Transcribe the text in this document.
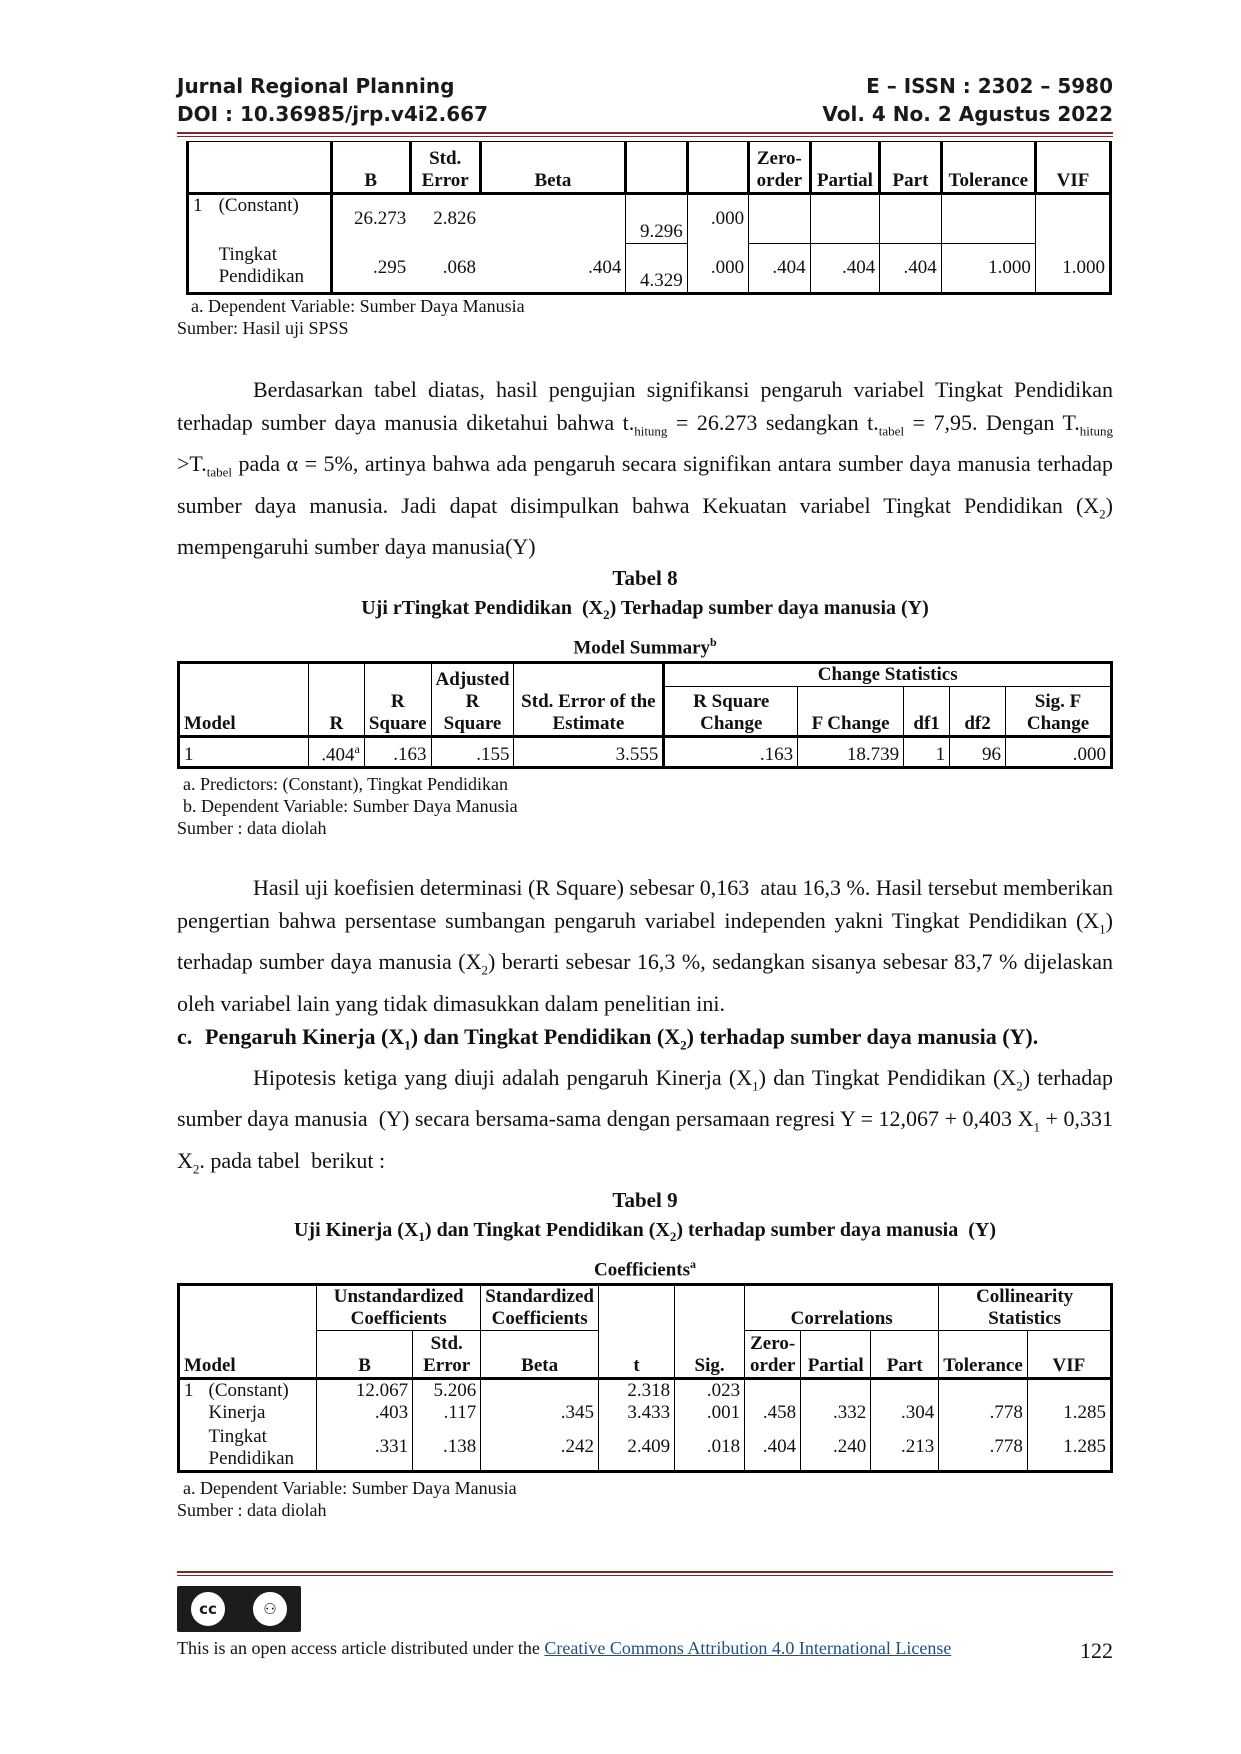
Jurnal Regional Planning	E – ISSN : 2302 – 5980
DOI : 10.36985/jrp.v4i2.667	Vol. 4 No. 2 Agustus 2022
		B	Std. Error	Beta			Zero-order	Partial	Part	Tolerance	VIF
1	(Constant)	26.273	2.826		9.296	.000					
	Tingkat Pendidikan	.295	.068	.404	4.329	.000	.404	.404	.404	1.000	1.000
a. Dependent Variable: Sumber Daya Manusia
Sumber: Hasil uji SPSS
Berdasarkan tabel diatas, hasil pengujian signifikansi pengaruh variabel Tingkat Pendidikan terhadap sumber daya manusia diketahui bahwa $t._{hitung} = 26.273$ sedangkan $t._{tabel} = 7,95$. Dengan $T._{hitung} >T._{tabel}$ pada α = 5%, artinya bahwa ada pengaruh secara signifikan antara sumber daya manusia terhadap sumber daya manusia. Jadi dapat disimpulkan bahwa Kekuatan variabel Tingkat Pendidikan $(X_2)$ mempengaruhi sumber daya manusia(Y)
Tabel 8
Uji rTingkat Pendidikan  $(X_2)$ Terhadap sumber daya manusia (Y)
Model Summary$^b$
Model	R	R Square	Adjusted R Square	Std. Error of the Estimate	Change Statistics				
					R Square Change	F Change	df1	df2	Sig. F Change
1	.404$^a$	.163	.155	3.555	.163	18.739	1	96	.000
a. Predictors: (Constant), Tingkat Pendidikan
b. Dependent Variable: Sumber Daya Manusia
Sumber : data diolah
Hasil uji koefisien determinasi (R Square) sebesar 0,163  atau 16,3 %. Hasil tersebut memberikan pengertian bahwa persentase sumbangan pengaruh variabel independen yakni Tingkat Pendidikan $(X_1)$ terhadap sumber daya manusia $(X_2)$ berarti sebesar 16,3 %, sedangkan sisanya sebesar 83,7 % dijelaskan oleh variabel lain yang tidak dimasukkan dalam penelitian ini.
c. Pengaruh Kinerja $(X_1)$ dan Tingkat Pendidikan $(X_2)$ terhadap sumber daya manusia (Y).
Hipotesis ketiga yang diuji adalah pengaruh Kinerja $(X_1)$ dan Tingkat Pendidikan $(X_2)$ terhadap sumber daya manusia  (Y) secara bersama-sama dengan persamaan regresi Y = 12,067 + 0,403 $X_1 + 0,331$ $X_2$. pada tabel  berikut :
Tabel 9
Uji Kinerja $(X_1)$ dan Tingkat Pendidikan $(X_2)$ terhadap sumber daya manusia  (Y)
Coefficients$^a$
Model		Unstandardized Coefficients		Standardized Coefficients	t	Sig.	Correlations			Collinearity Statistics	
		B	Std. Error	Beta			Zero-order	Partial	Part	Tolerance	VIF
1	(Constant)	12.067	5.206		2.318	.023					
	Kinerja	.403	.117	.345	3.433	.001	.458	.332	.304	.778	1.285
	Tingkat Pendidikan	.331	.138	.242	2.409	.018	.404	.240	.213	.778	1.285
a. Dependent Variable: Sumber Daya Manusia
Sumber : data diolah
cc	⚇
This is an open access article distributed under the Creative Commons Attribution 4.0 International License	122
